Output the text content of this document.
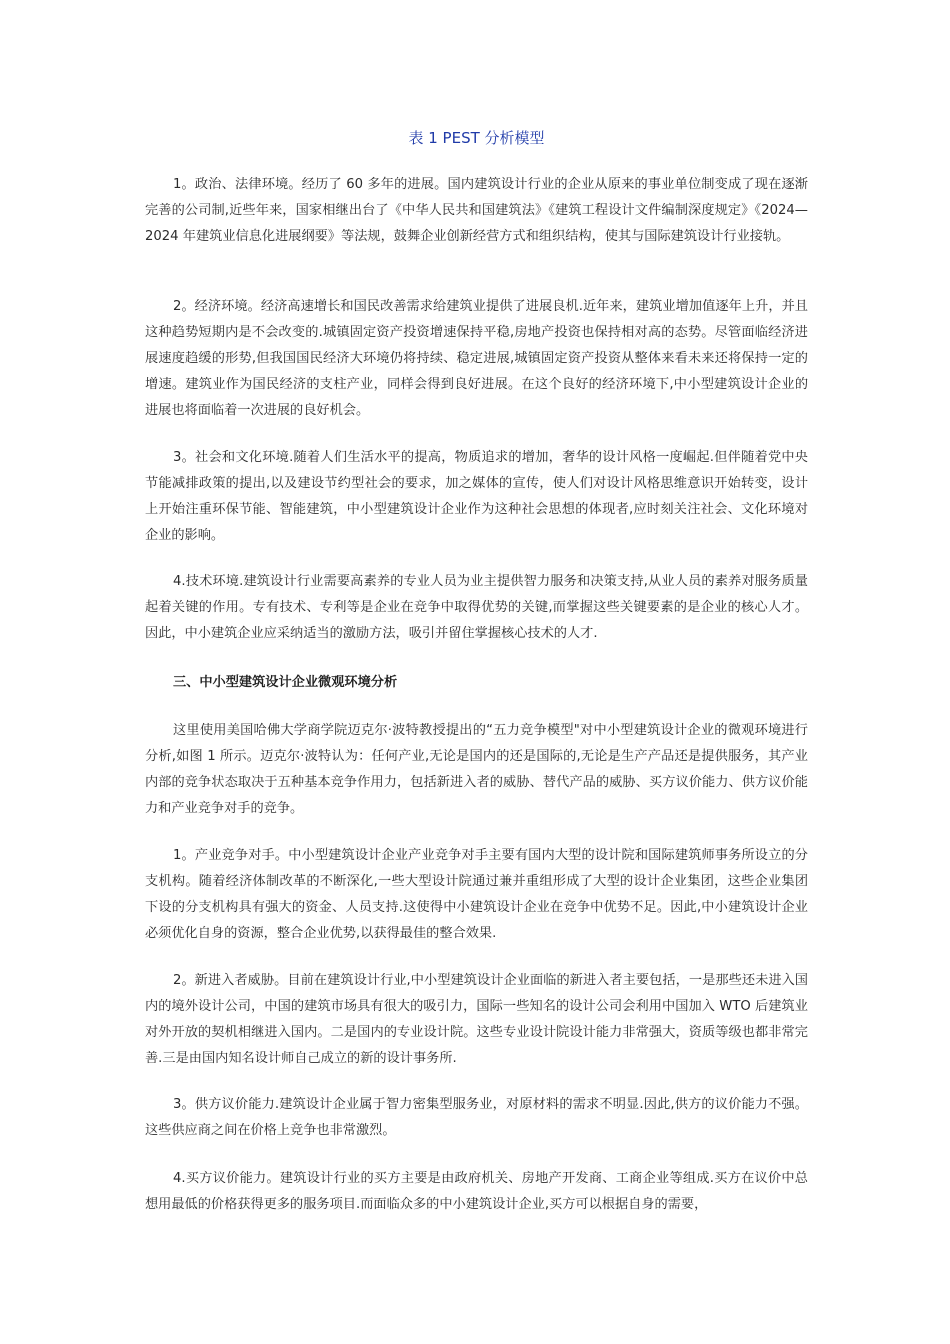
表 1 PEST 分析模型

1。政治、法律环境。经历了 60 多年的进展。国内建筑设计行业的企业从原来的事业单位制变成了现在逐渐完善的公司制,近些年来，国家相继出台了《中华人民共和国建筑法》《建筑工程设计文件编制深度规定》《2024—2024 年建筑业信息化进展纲要》等法规，鼓舞企业创新经营方式和组织结构，使其与国际建筑设计行业接轨。

2。经济环境。经济高速增长和国民改善需求给建筑业提供了进展良机.近年来，建筑业增加值逐年上升，并且这种趋势短期内是不会改变的.城镇固定资产投资增速保持平稳,房地产投资也保持相对高的态势。尽管面临经济进展速度趋缓的形势,但我国国民经济大环境仍将持续、稳定进展,城镇固定资产投资从整体来看未来还将保持一定的增速。建筑业作为国民经济的支柱产业，同样会得到良好进展。在这个良好的经济环境下,中小型建筑设计企业的进展也将面临着一次进展的良好机会。

3。社会和文化环境.随着人们生活水平的提高，物质追求的增加，奢华的设计风格一度崛起.但伴随着党中央节能减排政策的提出,以及建设节约型社会的要求，加之媒体的宣传，使人们对设计风格思维意识开始转变，设计上开始注重环保节能、智能建筑，中小型建筑设计企业作为这种社会思想的体现者,应时刻关注社会、文化环境对企业的影响。

4.技术环境.建筑设计行业需要高素养的专业人员为业主提供智力服务和决策支持,从业人员的素养对服务质量起着关键的作用。专有技术、专利等是企业在竞争中取得优势的关键,而掌握这些关键要素的是企业的核心人才。因此，中小建筑企业应采纳适当的激励方法，吸引并留住掌握核心技术的人才.

三、中小型建筑设计企业微观环境分析

这里使用美国哈佛大学商学院迈克尔·波特教授提出的“五力竞争模型"对中小型建筑设计企业的微观环境进行分析,如图 1 所示。迈克尔·波特认为：任何产业,无论是国内的还是国际的,无论是生产产品还是提供服务，其产业内部的竞争状态取决于五种基本竞争作用力，包括新进入者的威胁、替代产品的威胁、买方议价能力、供方议价能力和产业竞争对手的竞争。

1。产业竞争对手。中小型建筑设计企业产业竞争对手主要有国内大型的设计院和国际建筑师事务所设立的分支机构。随着经济体制改革的不断深化,一些大型设计院通过兼并重组形成了大型的设计企业集团，这些企业集团下设的分支机构具有强大的资金、人员支持.这使得中小建筑设计企业在竞争中优势不足。因此,中小建筑设计企业必须优化自身的资源，整合企业优势,以获得最佳的整合效果.

2。新进入者威胁。目前在建筑设计行业,中小型建筑设计企业面临的新进入者主要包括，一是那些还未进入国内的境外设计公司，中国的建筑市场具有很大的吸引力，国际一些知名的设计公司会利用中国加入 WTO 后建筑业对外开放的契机相继进入国内。二是国内的专业设计院。这些专业设计院设计能力非常强大，资质等级也都非常完善.三是由国内知名设计师自己成立的新的设计事务所.

3。供方议价能力.建筑设计企业属于智力密集型服务业，对原材料的需求不明显.因此,供方的议价能力不强。这些供应商之间在价格上竞争也非常激烈。

4.买方议价能力。建筑设计行业的买方主要是由政府机关、房地产开发商、工商企业等组成.买方在议价中总想用最低的价格获得更多的服务项目.而面临众多的中小建筑设计企业,买方可以根据自身的需要，
